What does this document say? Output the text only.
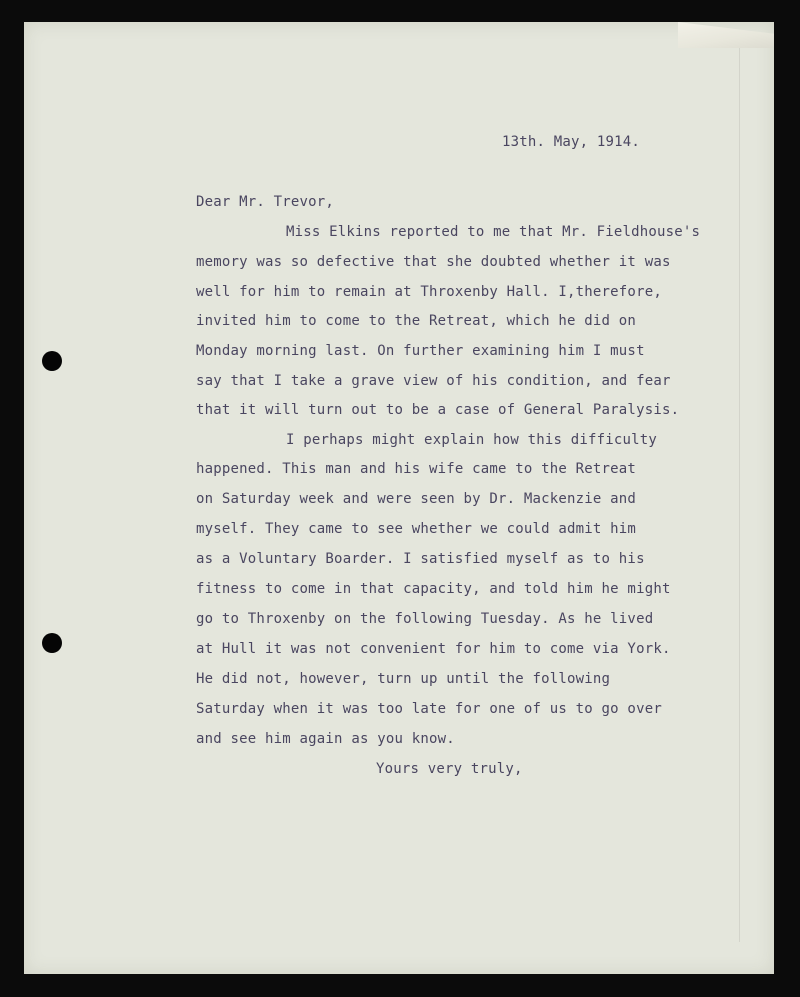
13th. May, 1914.

Dear Mr. Trevor,

Miss Elkins reported to me that Mr. Fieldhouse's

memory was so defective that she doubted whether it was

well for him to remain at Throxenby Hall. I,therefore,

invited him to come to the Retreat, which he did on

Monday morning last. On further examining him I must

say that I take a grave view of his condition, and fear

that it will turn out to be a case of General Paralysis.

I perhaps might explain how this difficulty

happened. This man and his wife came to the Retreat

on Saturday week and were seen by Dr. Mackenzie and

myself. They came to see whether we could admit him

as a Voluntary Boarder. I satisfied myself as to his

fitness to come in that capacity, and told him he might

go to Throxenby on the following Tuesday. As he lived

at Hull it was not convenient for him to come via York.

He did not, however, turn up until the following

Saturday when it was too late for one of us to go over

and see him again as you know.

Yours very truly,
